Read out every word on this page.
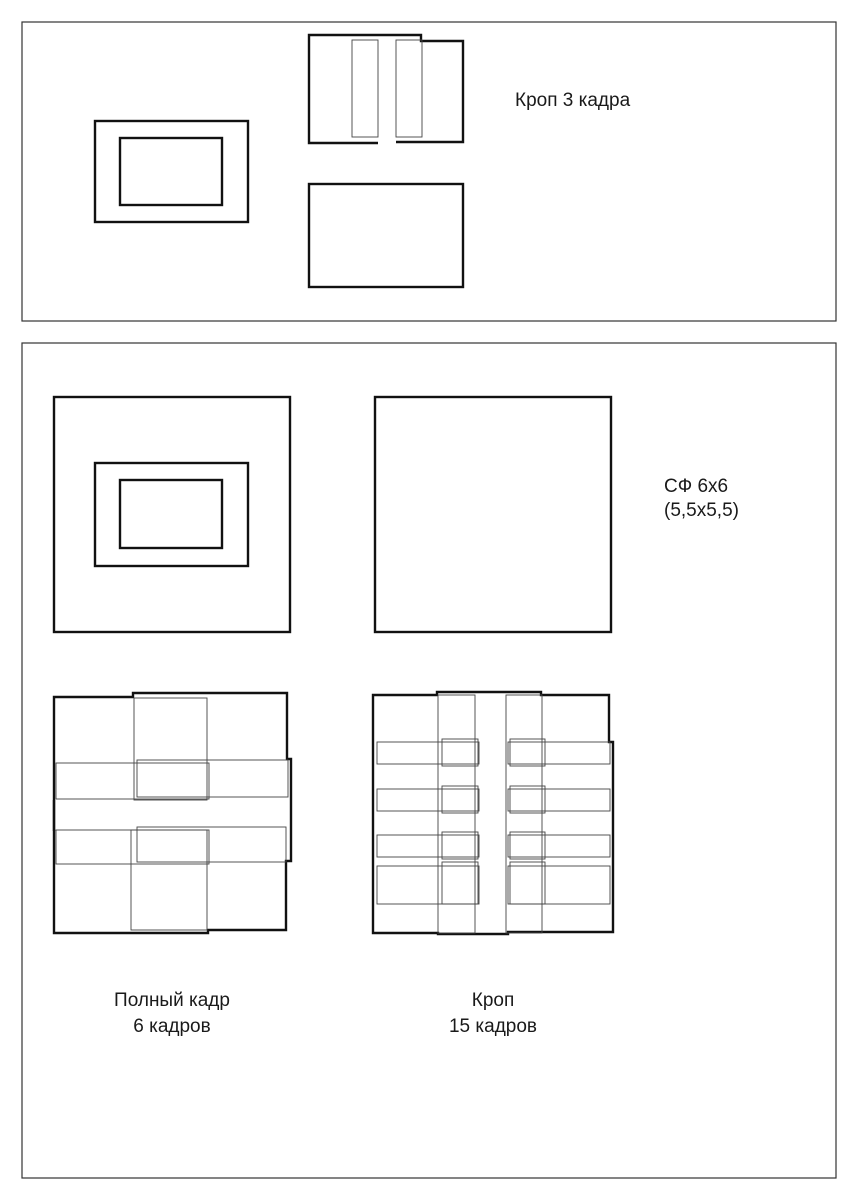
Кроп 3 кадра
СФ 6х6
(5,5х5,5)
Полный кадр
6 кадров
Кроп
15 кадров
